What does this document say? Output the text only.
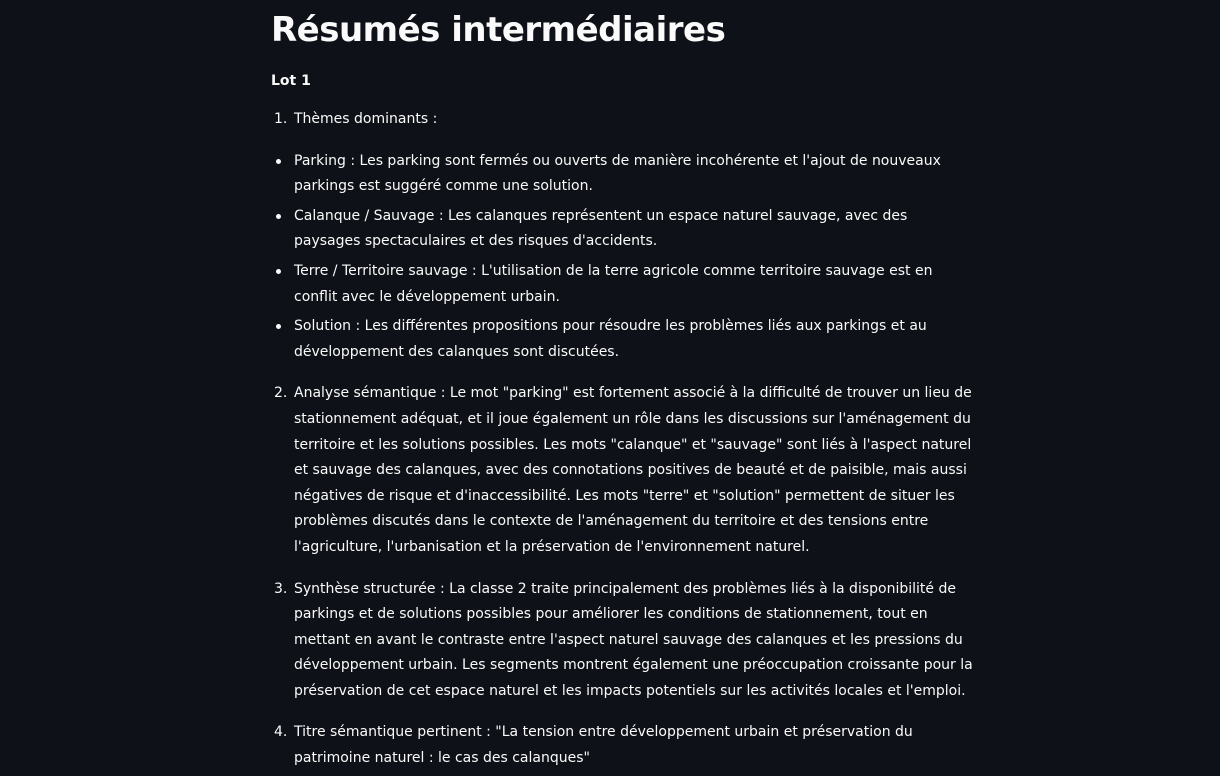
Résumés intermédiaires
Lot 1
1. Thèmes dominants :
Parking : Les parking sont fermés ou ouverts de manière incohérente et l'ajout de nouveaux parkings est suggéré comme une solution.
Calanque / Sauvage : Les calanques représentent un espace naturel sauvage, avec des paysages spectaculaires et des risques d'accidents.
Terre / Territoire sauvage : L'utilisation de la terre agricole comme territoire sauvage est en conflit avec le développement urbain.
Solution : Les différentes propositions pour résoudre les problèmes liés aux parkings et au développement des calanques sont discutées.
2. Analyse sémantique : Le mot "parking" est fortement associé à la difficulté de trouver un lieu de stationnement adéquat, et il joue également un rôle dans les discussions sur l'aménagement du territoire et les solutions possibles. Les mots "calanque" et "sauvage" sont liés à l'aspect naturel et sauvage des calanques, avec des connotations positives de beauté et de paisible, mais aussi négatives de risque et d'inaccessibilité. Les mots "terre" et "solution" permettent de situer les problèmes discutés dans le contexte de l'aménagement du territoire et des tensions entre l'agriculture, l'urbanisation et la préservation de l'environnement naturel.
3. Synthèse structurée : La classe 2 traite principalement des problèmes liés à la disponibilité de parkings et de solutions possibles pour améliorer les conditions de stationnement, tout en mettant en avant le contraste entre l'aspect naturel sauvage des calanques et les pressions du développement urbain. Les segments montrent également une préoccupation croissante pour la préservation de cet espace naturel et les impacts potentiels sur les activités locales et l'emploi.
4. Titre sémantique pertinent : "La tension entre développement urbain et préservation du patrimoine naturel : le cas des calanques"
